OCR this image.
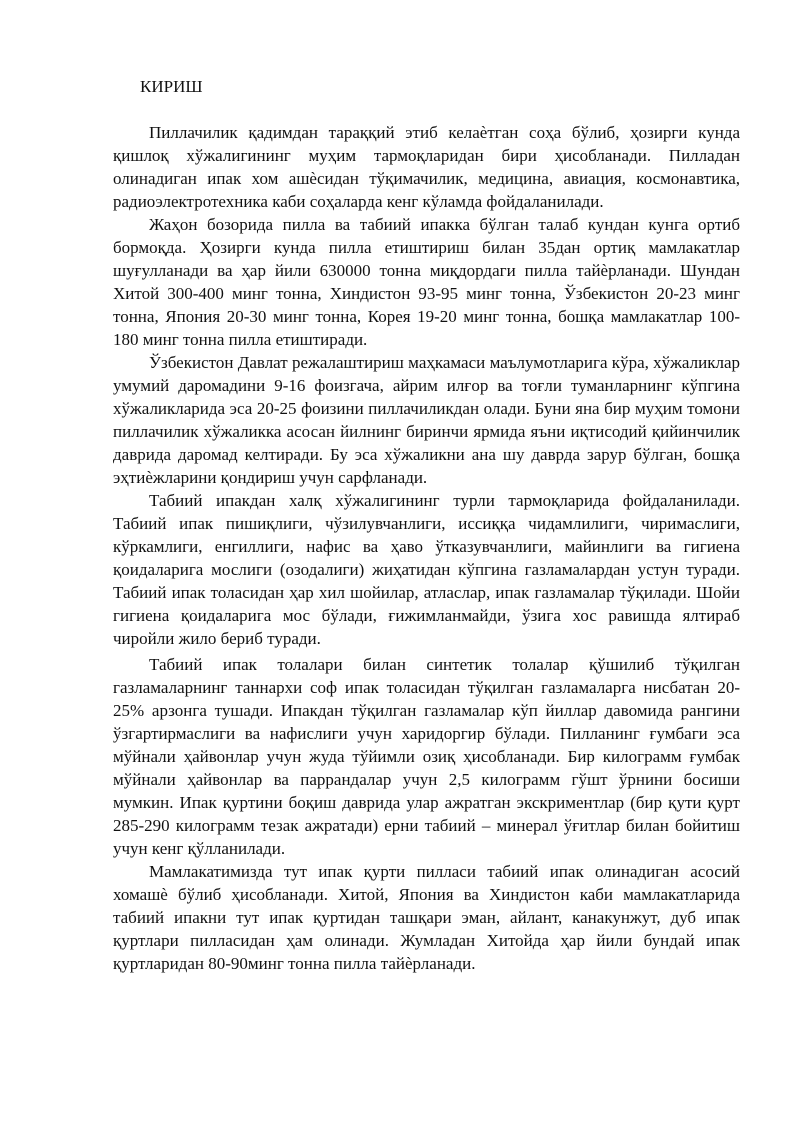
КИРИШ

Пиллачилик қадимдан тараққий этиб келаѐтган соҳа бўлиб, ҳозирги кунда қишлоқ хўжалигининг муҳим тармоқларидан бири ҳисобланади. Пилладан олинадиган ипак хом ашѐсидан тўқимачилик, медицина, авиация, космонавтика, радиоэлектротехника каби соҳаларда кенг кўламда фойдаланилади.

Жаҳон бозорида пилла ва табиий ипакка бўлган талаб кундан кунга ортиб бормоқда. Ҳозирги кунда пилла етиштириш билан 35дан ортиқ мамлакатлар шуғулланади ва ҳар йили 630000 тонна миқдордаги пилла тайѐрланади. Шундан Хитой 300-400 минг тонна, Хиндистон 93-95 минг тонна, Ўзбекистон 20-23 минг тонна, Япония 20-30 минг тонна, Корея 19-20 минг тонна, бошқа мамлакатлар 100-180 минг тонна пилла етиштиради.

Ўзбекистон Давлат режалаштириш маҳкамаси маълумотларига кўра, хўжаликлар умумий даромадини 9-16 фоизгача, айрим илғор ва тоғли туманларнинг кўпгина хўжаликларида эса 20-25 фоизини пиллачиликдан олади. Буни яна бир муҳим томони пиллачилик хўжаликка асосан йилнинг биринчи ярмида яъни иқтисодий қийинчилик даврида даромад келтиради. Бу эса хўжаликни ана шу даврда зарур бўлган, бошқа эҳтиѐжларини қондириш учун сарфланади.

Табиий ипакдан халқ хўжалигининг турли тармоқларида фойдаланилади. Табиий ипак пишиқлиги, чўзилувчанлиги, иссиққа чидамлилиги, чиримаслиги, кўркамлиги, енгиллиги, нафис ва ҳаво ўтказувчанлиги, майинлиги ва гигиена қоидаларига мослиги (озодалиги) жиҳатидан кўпгина газламалардан устун туради. Табиий ипак толасидан ҳар хил шойилар, атласлар, ипак газламалар тўқилади. Шойи гигиена қоидаларига мос бўлади, ғижимланмайди, ўзига хос равишда ялтираб чиройли жило бериб туради.

Табиий ипак толалари билан синтетик толалар қўшилиб тўқилган газламаларнинг таннархи соф ипак толасидан тўқилган газламаларга нисбатан 20-25% арзонга тушади. Ипакдан тўқилган газламалар кўп йиллар давомида рангини ўзгартирмаслиги ва нафислиги учун харидоргир бўлади. Пилланинг ғумбаги эса мўйнали ҳайвонлар учун жуда тўйимли озиқ ҳисобланади. Бир килограмм ғумбак мўйнали ҳайвонлар ва паррандалар учун 2,5 килограмм гўшт ўрнини босиши мумкин. Ипак қуртини боқиш даврида улар ажратган экскриментлар (бир қути қурт 285-290 килограмм тезак ажратади) ерни табиий – минерал ўғитлар билан бойитиш учун кенг қўлланилади.

Мамлакатимизда тут ипак қурти пилласи табиий ипак олинадиган асосий хомашѐ бўлиб ҳисобланади. Хитой, Япония ва Хиндистон каби мамлакатларида табиий ипакни тут ипак қуртидан ташқари эман, айлант, канакунжут, дуб ипак қуртлари пилласидан ҳам олинади. Жумладан Хитойда ҳар йили бундай ипак қуртларидан 80-90минг тонна пилла тайѐрланади.
